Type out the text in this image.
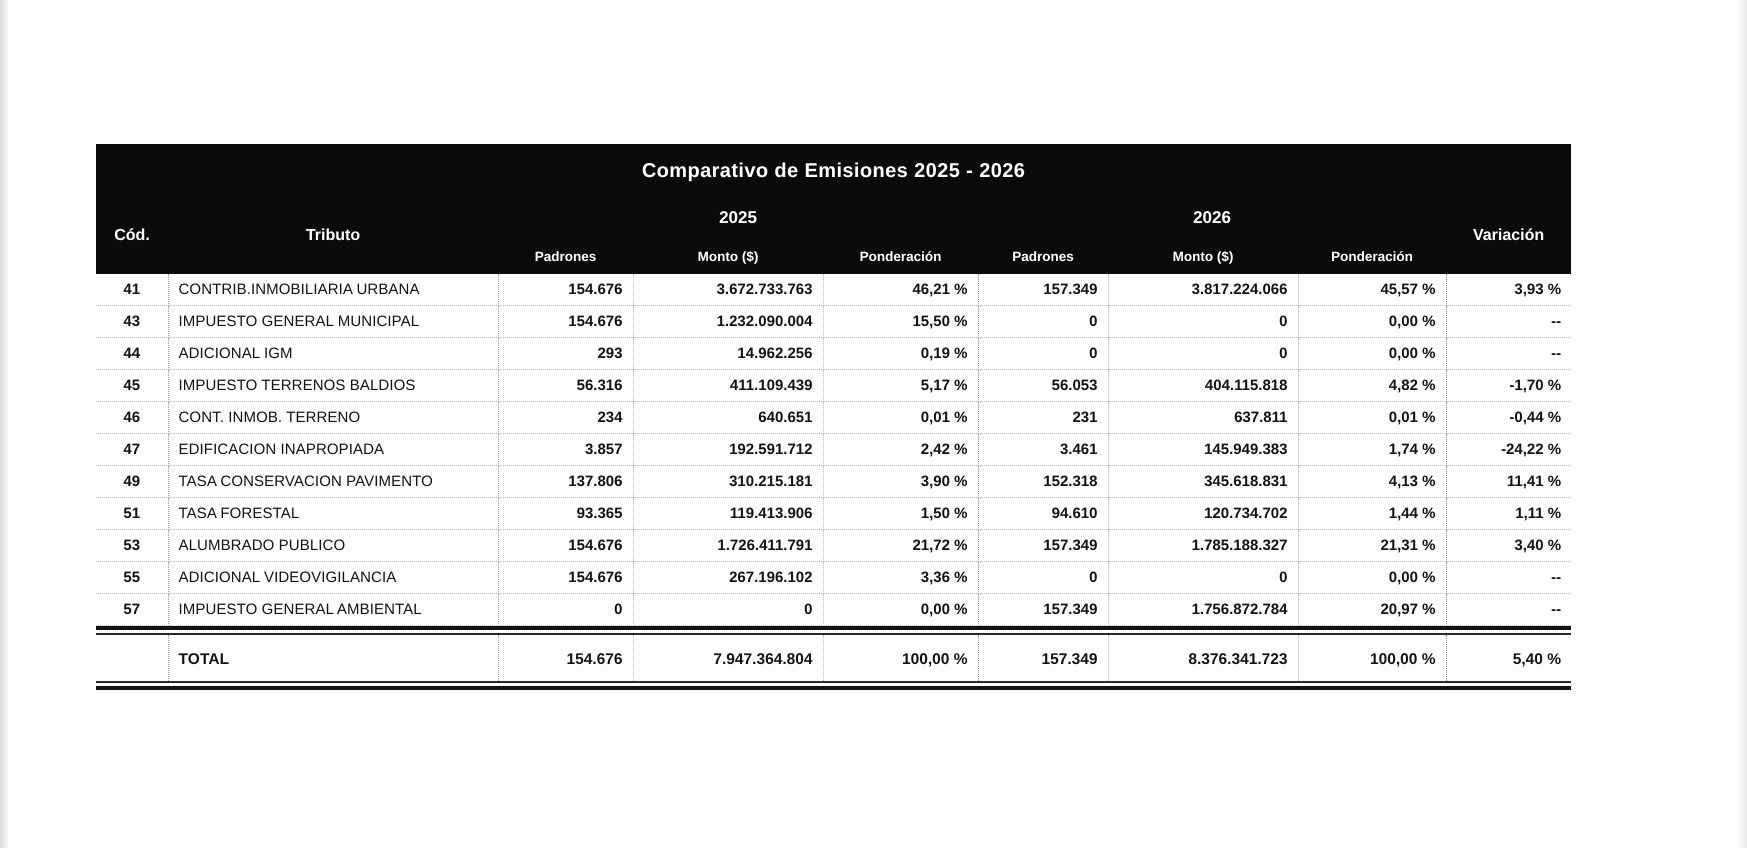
Comparativo de Emisiones 2025 - 2026								
Cód.	Tributo	2025			2026			Variación
		Padrones	Monto ($)	Ponderación	Padrones	Monto ($)	Ponderación	
41	CONTRIB.INMOBILIARIA URBANA	154.676	3.672.733.763	46,21 %	157.349	3.817.224.066	45,57 %	3,93 %
43	IMPUESTO GENERAL MUNICIPAL	154.676	1.232.090.004	15,50 %	0	0	0,00 %	--
44	ADICIONAL IGM	293	14.962.256	0,19 %	0	0	0,00 %	--
45	IMPUESTO TERRENOS BALDIOS	56.316	411.109.439	5,17 %	56.053	404.115.818	4,82 %	-1,70 %
46	CONT. INMOB. TERRENO	234	640.651	0,01 %	231	637.811	0,01 %	-0,44 %
47	EDIFICACION INAPROPIADA	3.857	192.591.712	2,42 %	3.461	145.949.383	1,74 %	-24,22 %
49	TASA CONSERVACION PAVIMENTO	137.806	310.215.181	3,90 %	152.318	345.618.831	4,13 %	11,41 %
51	TASA FORESTAL	93.365	119.413.906	1,50 %	94.610	120.734.702	1,44 %	1,11 %
53	ALUMBRADO PUBLICO	154.676	1.726.411.791	21,72 %	157.349	1.785.188.327	21,31 %	3,40 %
55	ADICIONAL VIDEOVIGILANCIA	154.676	267.196.102	3,36 %	0	0	0,00 %	--
57	IMPUESTO GENERAL AMBIENTAL	0	0	0,00 %	157.349	1.756.872.784	20,97 %	--
	TOTAL	154.676	7.947.364.804	100,00 %	157.349	8.376.341.723	100,00 %	5,40 %
